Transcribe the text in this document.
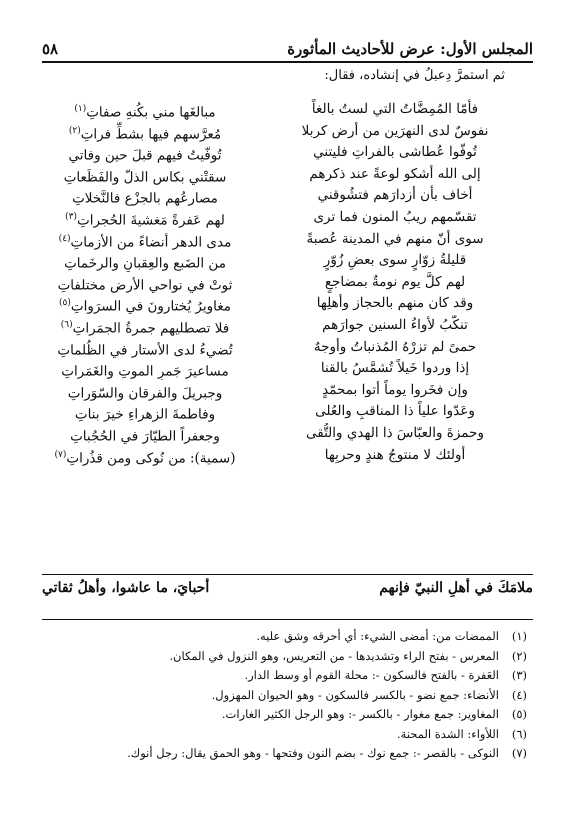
المجلس الأول: عرض للأحاديث المأثورة
٥٨
ثم استمرَّ دِعبلُ في إنشاده، فقال:
فأمّا المُمِضَّاتُ التي لستُ بالغاً
مبالغَها مني بكُنهِ صفاتِ$^{(١)}$
نفوسٌ لدى النهرَين من أرض كربلا
مُعرَّسهم فيها بشطِّ فراتِ$^{(٢)}$
تُوفّوا عُطاشى بالفراتِ فليتني
تُوفّيتُ فيهم قبلَ حين وفاتي
إلى الله أشكو لوعةً عند ذكرهم
سقتْني بكاس الذلّ والفَظَعاتِ
أخاف بأن أزدارَهم فتشُوقني
مصارعُهم بالجزْع فالنَّخلاتِ
تقسّمهم ريبُ المنون فما ترى
لهم عَفرةً مَغشيةَ الحُجراتِ$^{(٣)}$
سوى أنّ منهم في المدينة عُصبةً
مدى الدهر أنضاءً من الأزماتِ$^{(٤)}$
قليلةُ زوّارٍ سوى بعضِ زُوّرٍ
من الضَبعِ والعِقبانِ والرخَماتِ
لهم كلَّ يوم نومةٌ بمضاجعٍ
ثوتْ في نواحي الأرض مختلفاتِ
وقد كان منهم بالحجاز وأهلِها
مغاويرُ يُختارونَ في السرَواتِ$^{(٥)}$
تنكّبُ لأواءُ السنين جوارَهم
فلا تصطليهم جمرةُ الجمَراتِ$^{(٦)}$
حمىً لم تزرْهُ المُذنباتُ وأوجهٌ
تُضيءُ لدى الأستار في الظُلماتِ
إذا وردوا خَيلاً تُشمَّسُ بالقنا
مساعيرَ جَمرِ الموتِ والغَمَراتِ
وإن فخَروا يوماً أتوا بمحمّدٍ
وجبريلَ والفرقانِ والسّوَراتِ
وعَدّوا علياً ذا المناقبِ والعُلى
وفاطمةَ الزهراءِ خيرَ بناتِ
وحمزةَ والعبّاسَ ذا الهدي والتُّقى
وجعفراً الطيّارَ في الحُجُباتِ
أولئك لا منتوجُ هندٍ وحربِها
(سمية): من نُوكى ومن قذُراتِ$^{(٧)}$
ملامَكَ في أهلِ النبيّ فإنهم
أحبايَ، ما عاشوا، وأهلُ ثقاتي
(١)الممضات من: أمضى الشيء: أي أحرقه وشق عليه.
(٢)المعرس - بفتح الراء وتشديدها - من التعريس، وهو النزول في المكان.
(٣)العَفرة - بالفتح فالسكون -: محلة القوم أو وسط الدار.
(٤)الأنضاء: جمع نضو - بالكسر فالسكون - وهو الحيوان المهزول.
(٥)المغاوير: جمع مغوار - بالكسر -: وهو الرجل الكثير الغارات.
(٦)اللأواء: الشدة المحنة.
(٧)النوكى - بالقصر -: جمع نوك - بضم النون وفتحها - وهو الحمق يقال: رجل أنوك.
